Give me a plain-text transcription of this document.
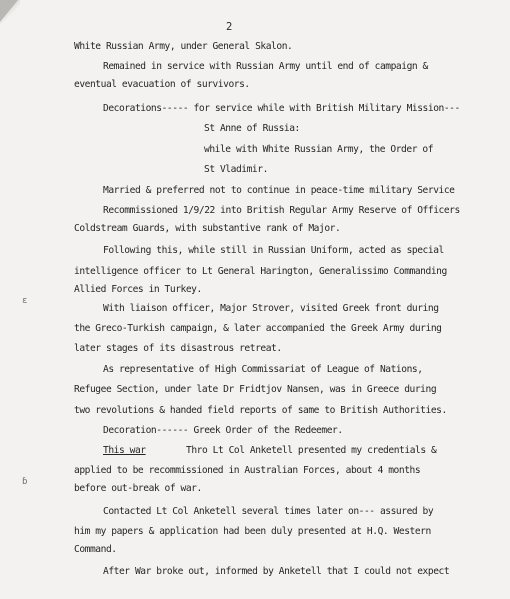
2
White Russian Army, under General Skalon.
Remained in service with Russian Army until end of campaign &
eventual evacuation of survivors.
Decorations----- for service while with British Military Mission---
St Anne of Russia:
while with White Russian Army, the Order of
St Vladimir.
Married & preferred not to continue in peace-time military Service
Recommissioned 1/9/22 into British Regular Army Reserve of Officers
Coldstream Guards, with substantive rank of Major.
Following this, while still in Russian Uniform, acted as special
intelligence officer to Lt General Harington, Generalissimo Commanding
Allied Forces in Turkey.
With liaison officer, Major Strover, visited Greek front during
the Greco-Turkish campaign, & later accompanied the Greek Army during
later stages of its disastrous retreat.
As representative of High Commissariat of League of Nations,
Refugee Section, under late Dr Fridtjov Nansen, was in Greece during
two revolutions & handed field reports of same to British Authorities.
Decoration------ Greek Order of the Redeemer.
This war	Thro Lt Col Anketell presented my credentials &
applied to be recommissioned in Australian Forces, about 4 months
before out-break of war.
Contacted Lt Col Anketell several times later on--- assured by
him my papers & application had been duly presented at H.Q. Western
Command.
After War broke out, informed by Anketell that I could not expect
ɛ
ɓ
